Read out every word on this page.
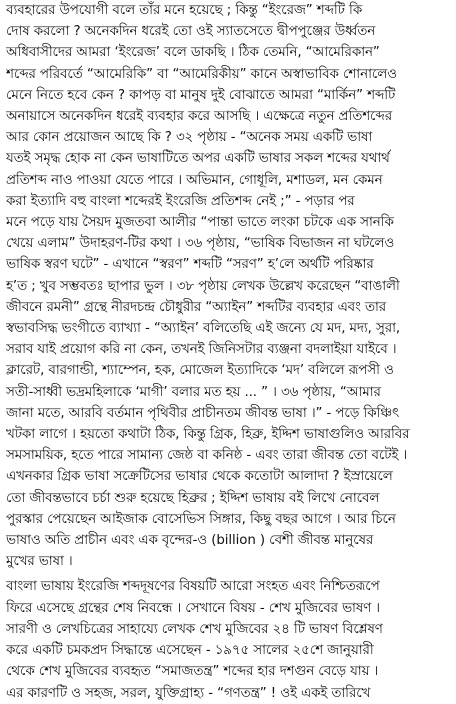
ব্যবহারের উপযোগী বলে তাঁর মনে হয়েছে ; কিন্তু “ইংরেজ” শব্দটি কি
দোষ করলো ? অনেকদিন ধরেই তো ওই স্যাতসেতে দ্বীপপুঞ্জের উর্ধ্বতন
অধিবাসীদের আমরা ‘ইংরেজ’ বলে ডাকছি । ঠিক তেমনি, “আমেরিকান”
শব্দের পরিবর্তে “আমেরিকি” বা “আমেরিকীয়” কানে অস্বাভাবিক শোনালেও
মেনে নিতে হবে কেন ? কাপড় বা মানুষ দুই বোঝাতে আমরা “মার্কিন” শব্দটি
অনায়াসে অনেকদিন ধরেই ব্যবহার করে আসছি । এক্ষেত্রে নতুন প্রতিশব্দের
আর কোন প্রয়োজন আছে কি ? ৩২ পৃষ্ঠায় - “অনেক সময় একটি ভাষা
যতই সমৃদ্ধ হোক না কেন ভাষাটিতে অপর একটি ভাষার সকল শব্দের যথার্থ
প্রতিশব্দ নাও পাওয়া যেতে পারে । অভিমান, গোধূলি, মশাডল, মন কেমন
করা ইত্যাদি বহু বাংলা শব্দেরই ইংরেজি প্রতিশব্দ নেই ;” - পড়ার পর
মনে পড়ে যায় সৈয়দ মুজতবা আলীর “পান্তা ভাতে লংকা চটকে এক সানকি
খেয়ে এলাম” উদাহরণ-টির কথা । ৩৬ পৃষ্ঠায়, “ভাষিক বিভাজন না ঘটলেও
ভাষিক স্বরণ ঘটে” - এখানে “স্বরণ” শব্দটি “সরণ” হ’লে অর্থটি পরিষ্কার
হ’ত ; খুব সম্ভবতঃ ছাপার ভুল । ৩৮ পৃষ্ঠায় লেখক উল্লেখ করেছেন “বাঙালী
জীবনে রমনী” গ্রন্থে নীরদচন্দ্র চৌধুরীর “অ্যাইন” শব্দটির ব্যবহার এবং তার
স্বভাবসিদ্ধ ভংগীতে ব্যাখ্যা - “অ্যাইন’ বলিতেছি এই জন্যে যে মদ, মদ্য, সুরা,
সরাব যাই প্রয়োগ করি না কেন, তখনই জিনিসটার ব্যঞ্জনা বদলাইয়া যাইবে ।
ক্লারেট, বারগান্ডী, শ্যাম্পেন, হক, মোজেল ইত্যাদিকে ‘মদ’ বলিলে রূপসী ও
সতী-সাধ্বী ভদ্রমহিলাকে ‘মাগী’ বলার মত হয় ... ” । ৩৬ পৃষ্ঠায়, “আমার
জানা মতে, আরবি বর্তমান পৃথিবীর প্রাচীনতম জীবন্ত ভাষা ।” - পড়ে কিঞ্চিৎ
খটকা লাগে । হয়তো কথাটা ঠিক, কিন্তু গ্রিক, হিব্রু, ইদ্দিশ ভাষাগুলিও আরবির
সমসাময়িক, হতে পারে সামান্য জেষ্ঠ বা কনিষ্ঠ - এবং তারা জীবন্ত তো বটেই ।
এখনকার গ্রিক ভাষা সক্রেটিসের ভাষার থেকে কতোটা আলাদা ? ইস্রায়েলে
তো জীবন্তভাবে চর্চা শুরু হয়েছে হিব্রুর ; ইদ্দিশ ভাষায় বই লিখে নোবেল
পুরস্কার পেয়েছেন আইজাক বোসেভিস সিঙ্গার, কিছু বছর আগে । আর চিনে
ভাষাও অতি প্রাচীন এবং এক বৃন্দের-ও (billion ) বেশী জীবন্ত মানুষের
মুখের ভাষা ।
বাংলা ভাষায় ইংরেজি শব্দদূষণের বিষয়টি আরো সংহত এবং নিশ্চিতরূপে
ফিরে এসেছে গ্রন্থের শেষ নিবন্ধে । সেখানে বিষয় - শেখ মুজিবের ভাষণ ।
সারণী ও লেখচিত্রের সাহায্যে লেখক শেখ মুজিবের ২৪ টি ভাষণ বিশ্লেষণ
করে একটি চমকপ্রদ সিদ্ধান্তে এসেছেন - ১৯৭৫ সালের ২৫শে জানুয়ারী
থেকে শেখ মুজিবের ব্যবহৃত “সমাজতন্ত্র” শব্দের হার দশগুন বেড়ে যায় ।
এর কারণটি ও সহজ, সরল, যুক্তিগ্রাহ্য - “গণতন্ত্র” ! ওই একই তারিখে
